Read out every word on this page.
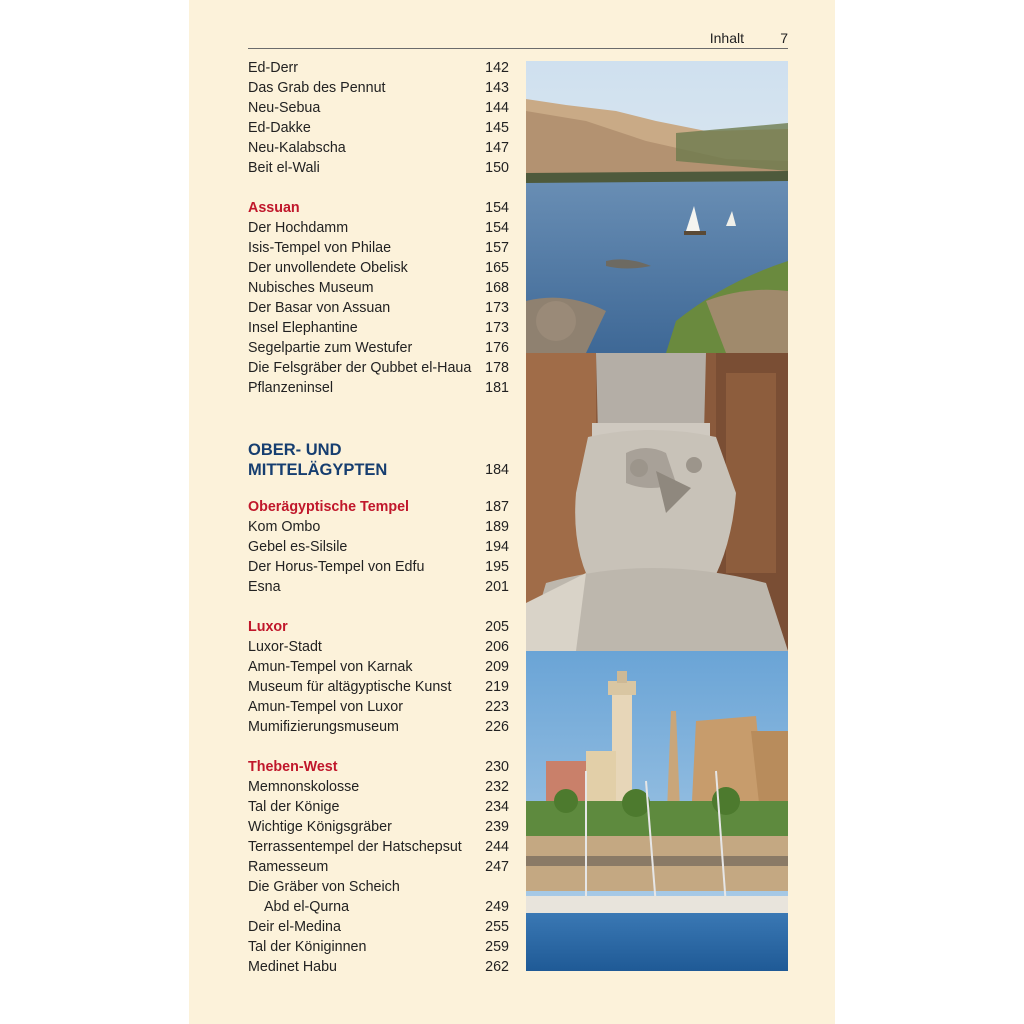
Inhalt	7
Ed-Derr	142
Das Grab des Pennut	143
Neu-Sebua	144
Ed-Dakke	145
Neu-Kalabscha	147
Beit el-Wali	150
Assuan	154
Der Hochdamm	154
Isis-Tempel von Philae	157
Der unvollendete Obelisk	165
Nubisches Museum	168
Der Basar von Assuan	173
Insel Elephantine	173
Segelpartie zum Westufer	176
Die Felsgräber der Qubbet el-Haua 178
Pflanzeninsel	181
OBER- UND MITTELÄGYPTEN	184
Oberägyptische Tempel	187
Kom Ombo	189
Gebel es-Silsile	194
Der Horus-Tempel von Edfu	195
Esna	201
Luxor	205
Luxor-Stadt	206
Amun-Tempel von Karnak	209
Museum für altägyptische Kunst 219
Amun-Tempel von Luxor	223
Mumifizierungsmuseum	226
Theben-West	230
Memnonskolosse	232
Tal der Könige	234
Wichtige Königsgräber	239
Terrassentempel der Hatschepsut 244
Ramesseum	247
Die Gräber von Scheich
Abd el-Qurna	249
Deir el-Medina	255
Tal der Königinnen	259
Medinet Habu	262
